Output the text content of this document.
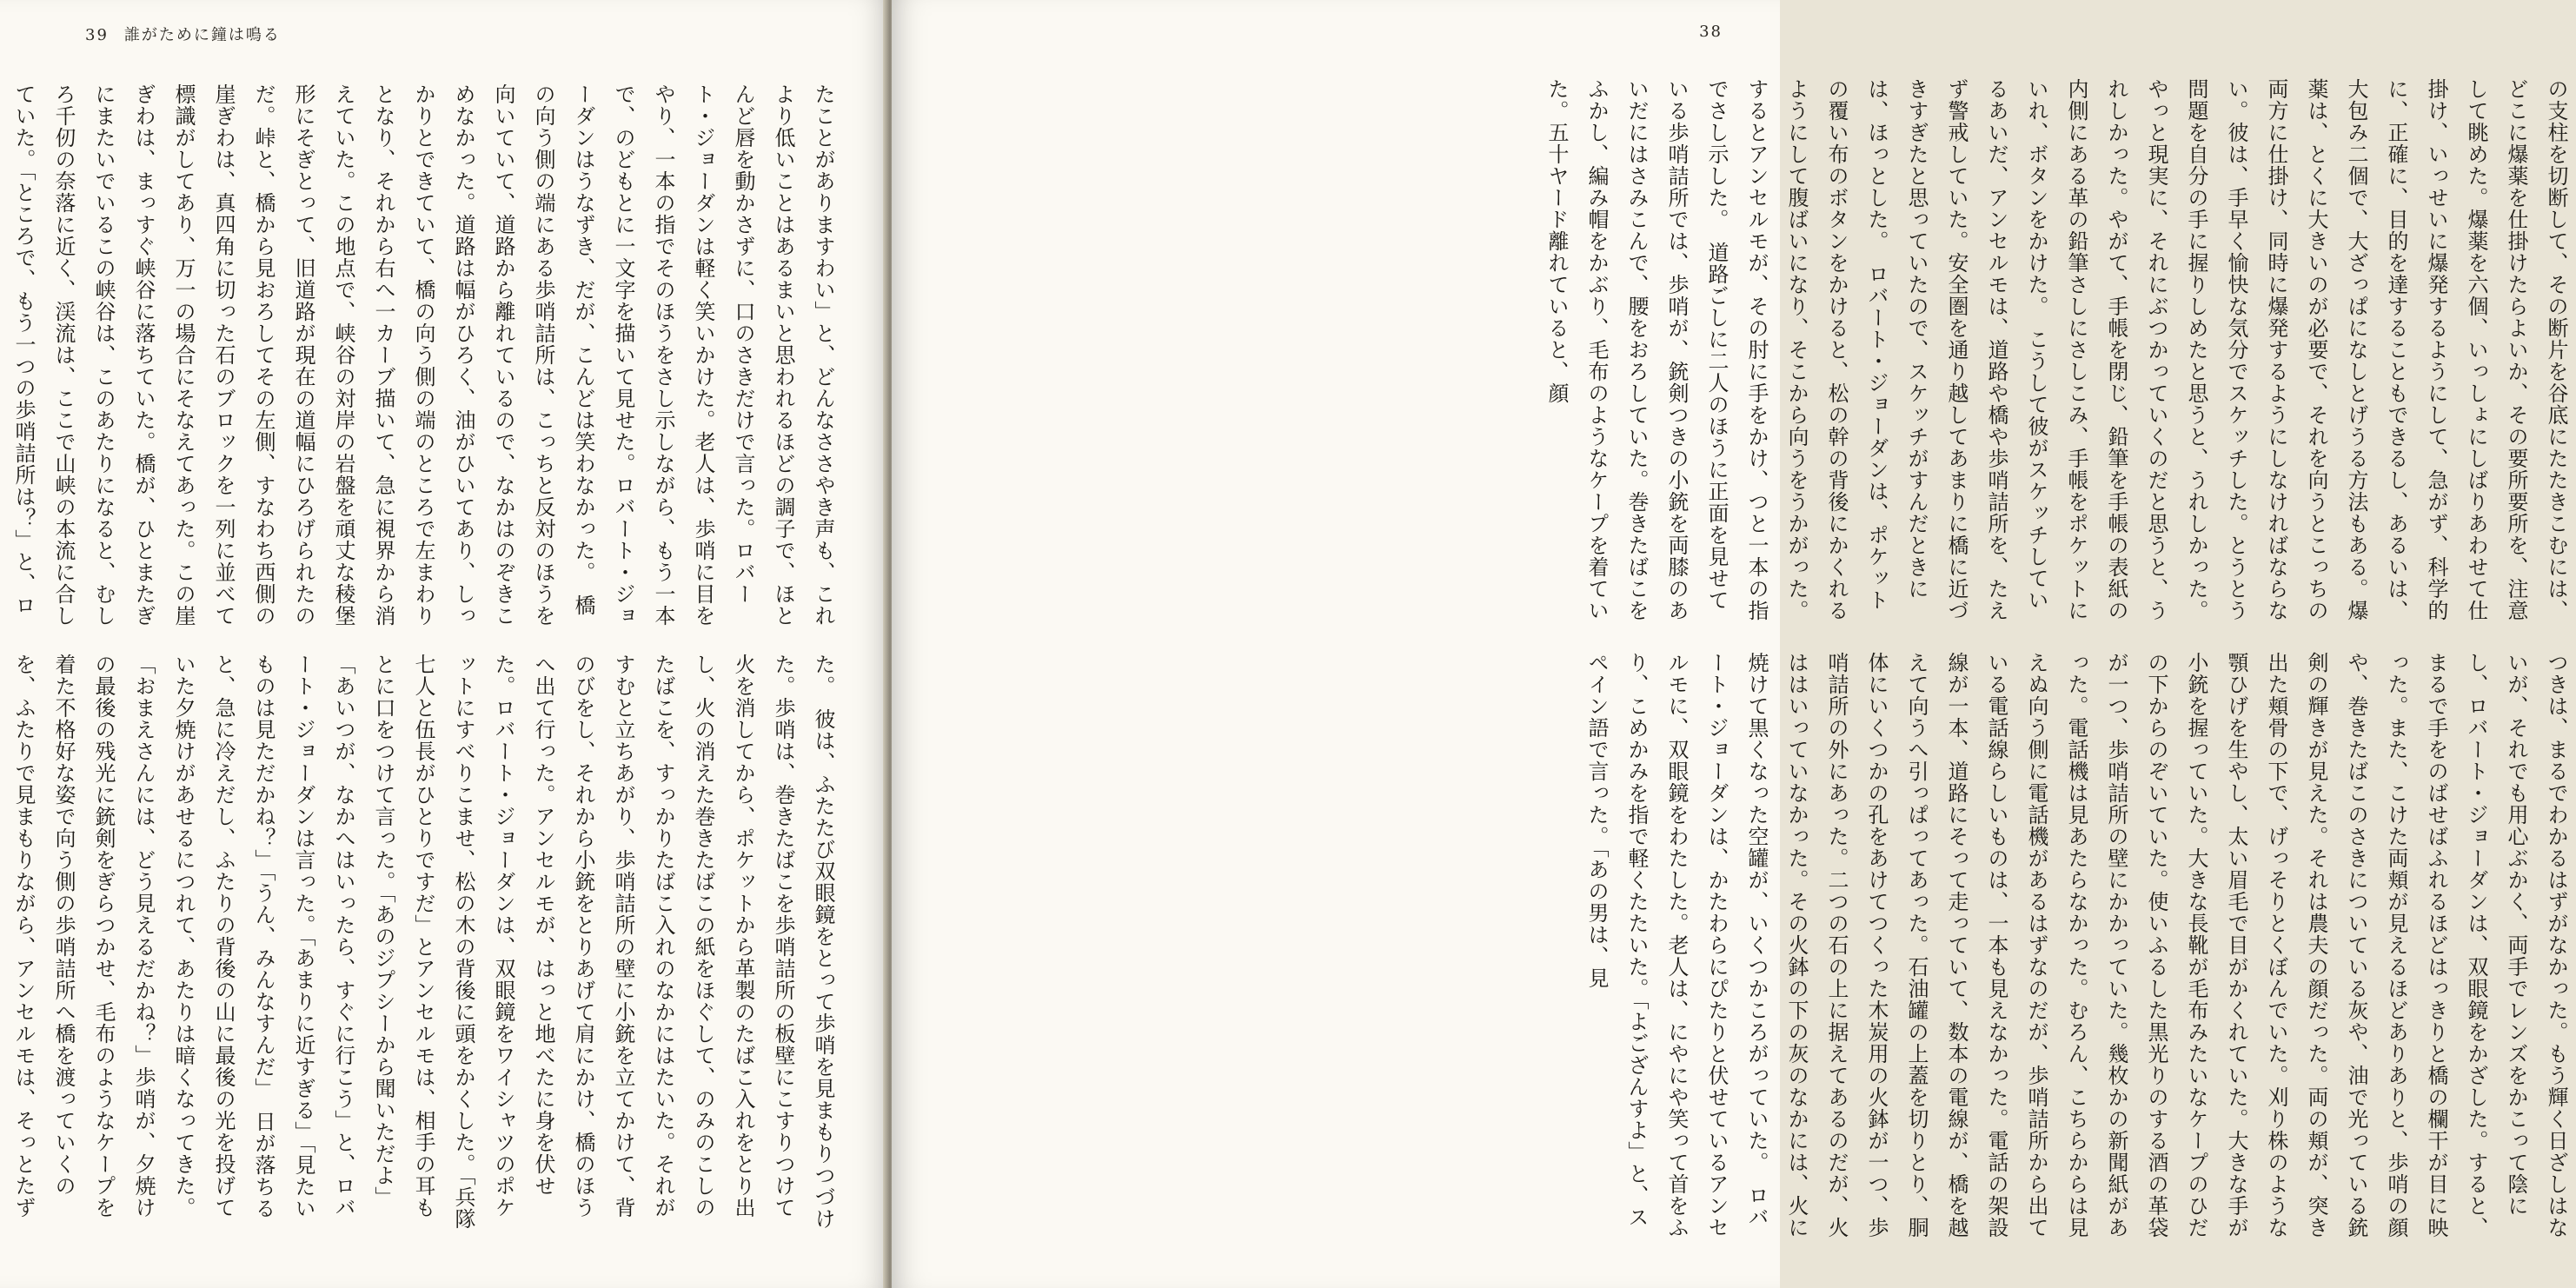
39 誰がために鐘は鳴る

たことがありますわい」と、どんなささやき声も、これより低いことはあるまいと思われるほどの調子で、ほとんど唇を動かさずに、口のさきだけで言った。ロバート・ジョーダンは軽く笑いかけた。老人は、歩哨に目をやり、一本の指でそのほうをさし示しながら、もう一本で、のどもとに一文字を描いて見せた。ロバート・ジョーダンはうなずき、だが、こんどは笑わなかった。　橋の向う側の端にある歩哨詰所は、こっちと反対のほうを向いていて、道路から離れているので、なかはのぞきこめなかった。道路は幅がひろく、油がひいてあり、しっかりとできていて、橋の向う側の端のところで左まわりとなり、それから右へ一カーブ描いて、急に視界から消えていた。この地点で、峡谷の対岸の岩盤を頑丈な稜堡形にそぎとって、旧道路が現在の道幅にひろげられたのだ。峠と、橋から見おろしてその左側、すなわち西側の崖ぎわは、真四角に切った石のブロックを一列に並べて標識がしてあり、万一の場合にそなえてあった。この崖ぎわは、まっすぐ峡谷に落ちていた。橋が、ひとまたぎにまたいでいるこの峡谷は、このあたりになると、むしろ千仞の奈落に近く、渓流は、ここで山峡の本流に合していた。「ところで、もう一つの歩哨詰所は？」と、ロ

た。　彼は、ふたたび双眼鏡をとって歩哨を見まもりつづけた。歩哨は、巻きたばこを歩哨詰所の板壁にこすりつけて火を消してから、ポケットから革製のたばこ入れをとり出し、火の消えた巻きたばこの紙をほぐして、のみのこしのたばこを、すっかりたばこ入れのなかにはたいた。それがすむと立ちあがり、歩哨詰所の壁に小銃を立てかけて、背のびをし、それから小銃をとりあげて肩にかけ、橋のほうへ出て行った。アンセルモが、はっと地べたに身を伏せた。ロバート・ジョーダンは、双眼鏡をワイシャツのポケットにすべりこませ、松の木の背後に頭をかくした。「兵隊七人と伍長がひとりですだ」とアンセルモは、相手の耳もとに口をつけて言った。「あのジプシーから聞いただよ」「あいつが、なかへはいったら、すぐに行こう」と、ロバート・ジョーダンは言った。「あまりに近すぎる」「見たいものは見ただかね？」「うん、みんなすんだ」　日が落ちると、急に冷えだし、ふたりの背後の山に最後の光を投げていた夕焼けがあせるにつれて、あたりは暗くなってきた。「おまえさんには、どう見えるだかね？」歩哨が、夕焼けの最後の残光に銃剣をぎらつかせ、毛布のようなケープを着た不格好な姿で向う側の歩哨詰所へ橋を渡っていくのを、ふたりで見まもりながら、アンセルモは、そっとたず

38

の支柱を切断して、その断片を谷底にたたきこむには、どこに爆薬を仕掛けたらよいか、その要所要所を、注意して眺めた。爆薬を六個、いっしょにしばりあわせて仕掛け、いっせいに爆発するようにして、急がず、科学的に、正確に、目的を達することもできるし、あるいは、大包み二個で、大ざっぱになしとげうる方法もある。爆薬は、とくに大きいのが必要で、それを向うとこっちの両方に仕掛け、同時に爆発するようにしなければならない。彼は、手早く愉快な気分でスケッチした。とうとう問題を自分の手に握りしめたと思うと、うれしかった。やっと現実に、それにぶつかっていくのだと思うと、うれしかった。やがて、手帳を閉じ、鉛筆を手帳の表紙の内側にある革の鉛筆さしにさしこみ、手帳をポケットにいれ、ボタンをかけた。　こうして彼がスケッチしているあいだ、アンセルモは、道路や橋や歩哨詰所を、たえず警戒していた。安全圏を通り越してあまりに橋に近づきすぎたと思っていたので、スケッチがすんだときには、ほっとした。　ロバート・ジョーダンは、ポケットの覆い布のボタンをかけると、松の幹の背後にかくれるようにして腹ばいになり、そこから向うをうかがった。するとアンセルモが、その肘に手をかけ、つと一本の指でさし示した。　道路ごしに二人のほうに正面を見せている歩哨詰所では、歩哨が、銃剣つきの小銃を両膝のあいだにはさみこんで、腰をおろしていた。巻きたばこをふかし、編み帽をかぶり、毛布のようなケープを着ていた。五十ヤード離れていると、顔

つきは、まるでわかるはずがなかった。もう輝く日ざしはないが、それでも用心ぶかく、両手でレンズをかこって陰にし、ロバート・ジョーダンは、双眼鏡をかざした。すると、まるで手をのばせばふれるほどはっきりと橋の欄干が目に映った。また、こけた両頬が見えるほどありありと、歩哨の顔や、巻きたばこのさきについている灰や、油で光っている銃剣の輝きが見えた。それは農夫の顔だった。両の頬が、突き出た頬骨の下で、げっそりとくぼんでいた。刈り株のような顎ひげを生やし、太い眉毛で目がかくれていた。大きな手が小銃を握っていた。大きな長靴が毛布みたいなケープのひだの下からのぞいていた。使いふるした黒光りのする酒の革袋が一つ、歩哨詰所の壁にかかっていた。幾枚かの新聞紙があった。電話機は見あたらなかった。むろん、こちらからは見えぬ向う側に電話機があるはずなのだが、歩哨詰所から出ている電話線らしいものは、一本も見えなかった。電話の架設線が一本、道路にそって走っていて、数本の電線が、橋を越えて向うへ引っぱってあった。石油罐の上蓋を切りとり、胴体にいくつかの孔をあけてつくった木炭用の火鉢が一つ、歩哨詰所の外にあった。二つの石の上に据えてあるのだが、火ははいっていなかった。その火鉢の下の灰のなかには、火に焼けて黒くなった空罐が、いくつかころがっていた。　ロバート・ジョーダンは、かたわらにぴたりと伏せているアンセルモに、双眼鏡をわたした。老人は、にやにや笑って首をふり、こめかみを指で軽くたたいた。「よござんすよ」と、スペイン語で言った。「あの男は、見
